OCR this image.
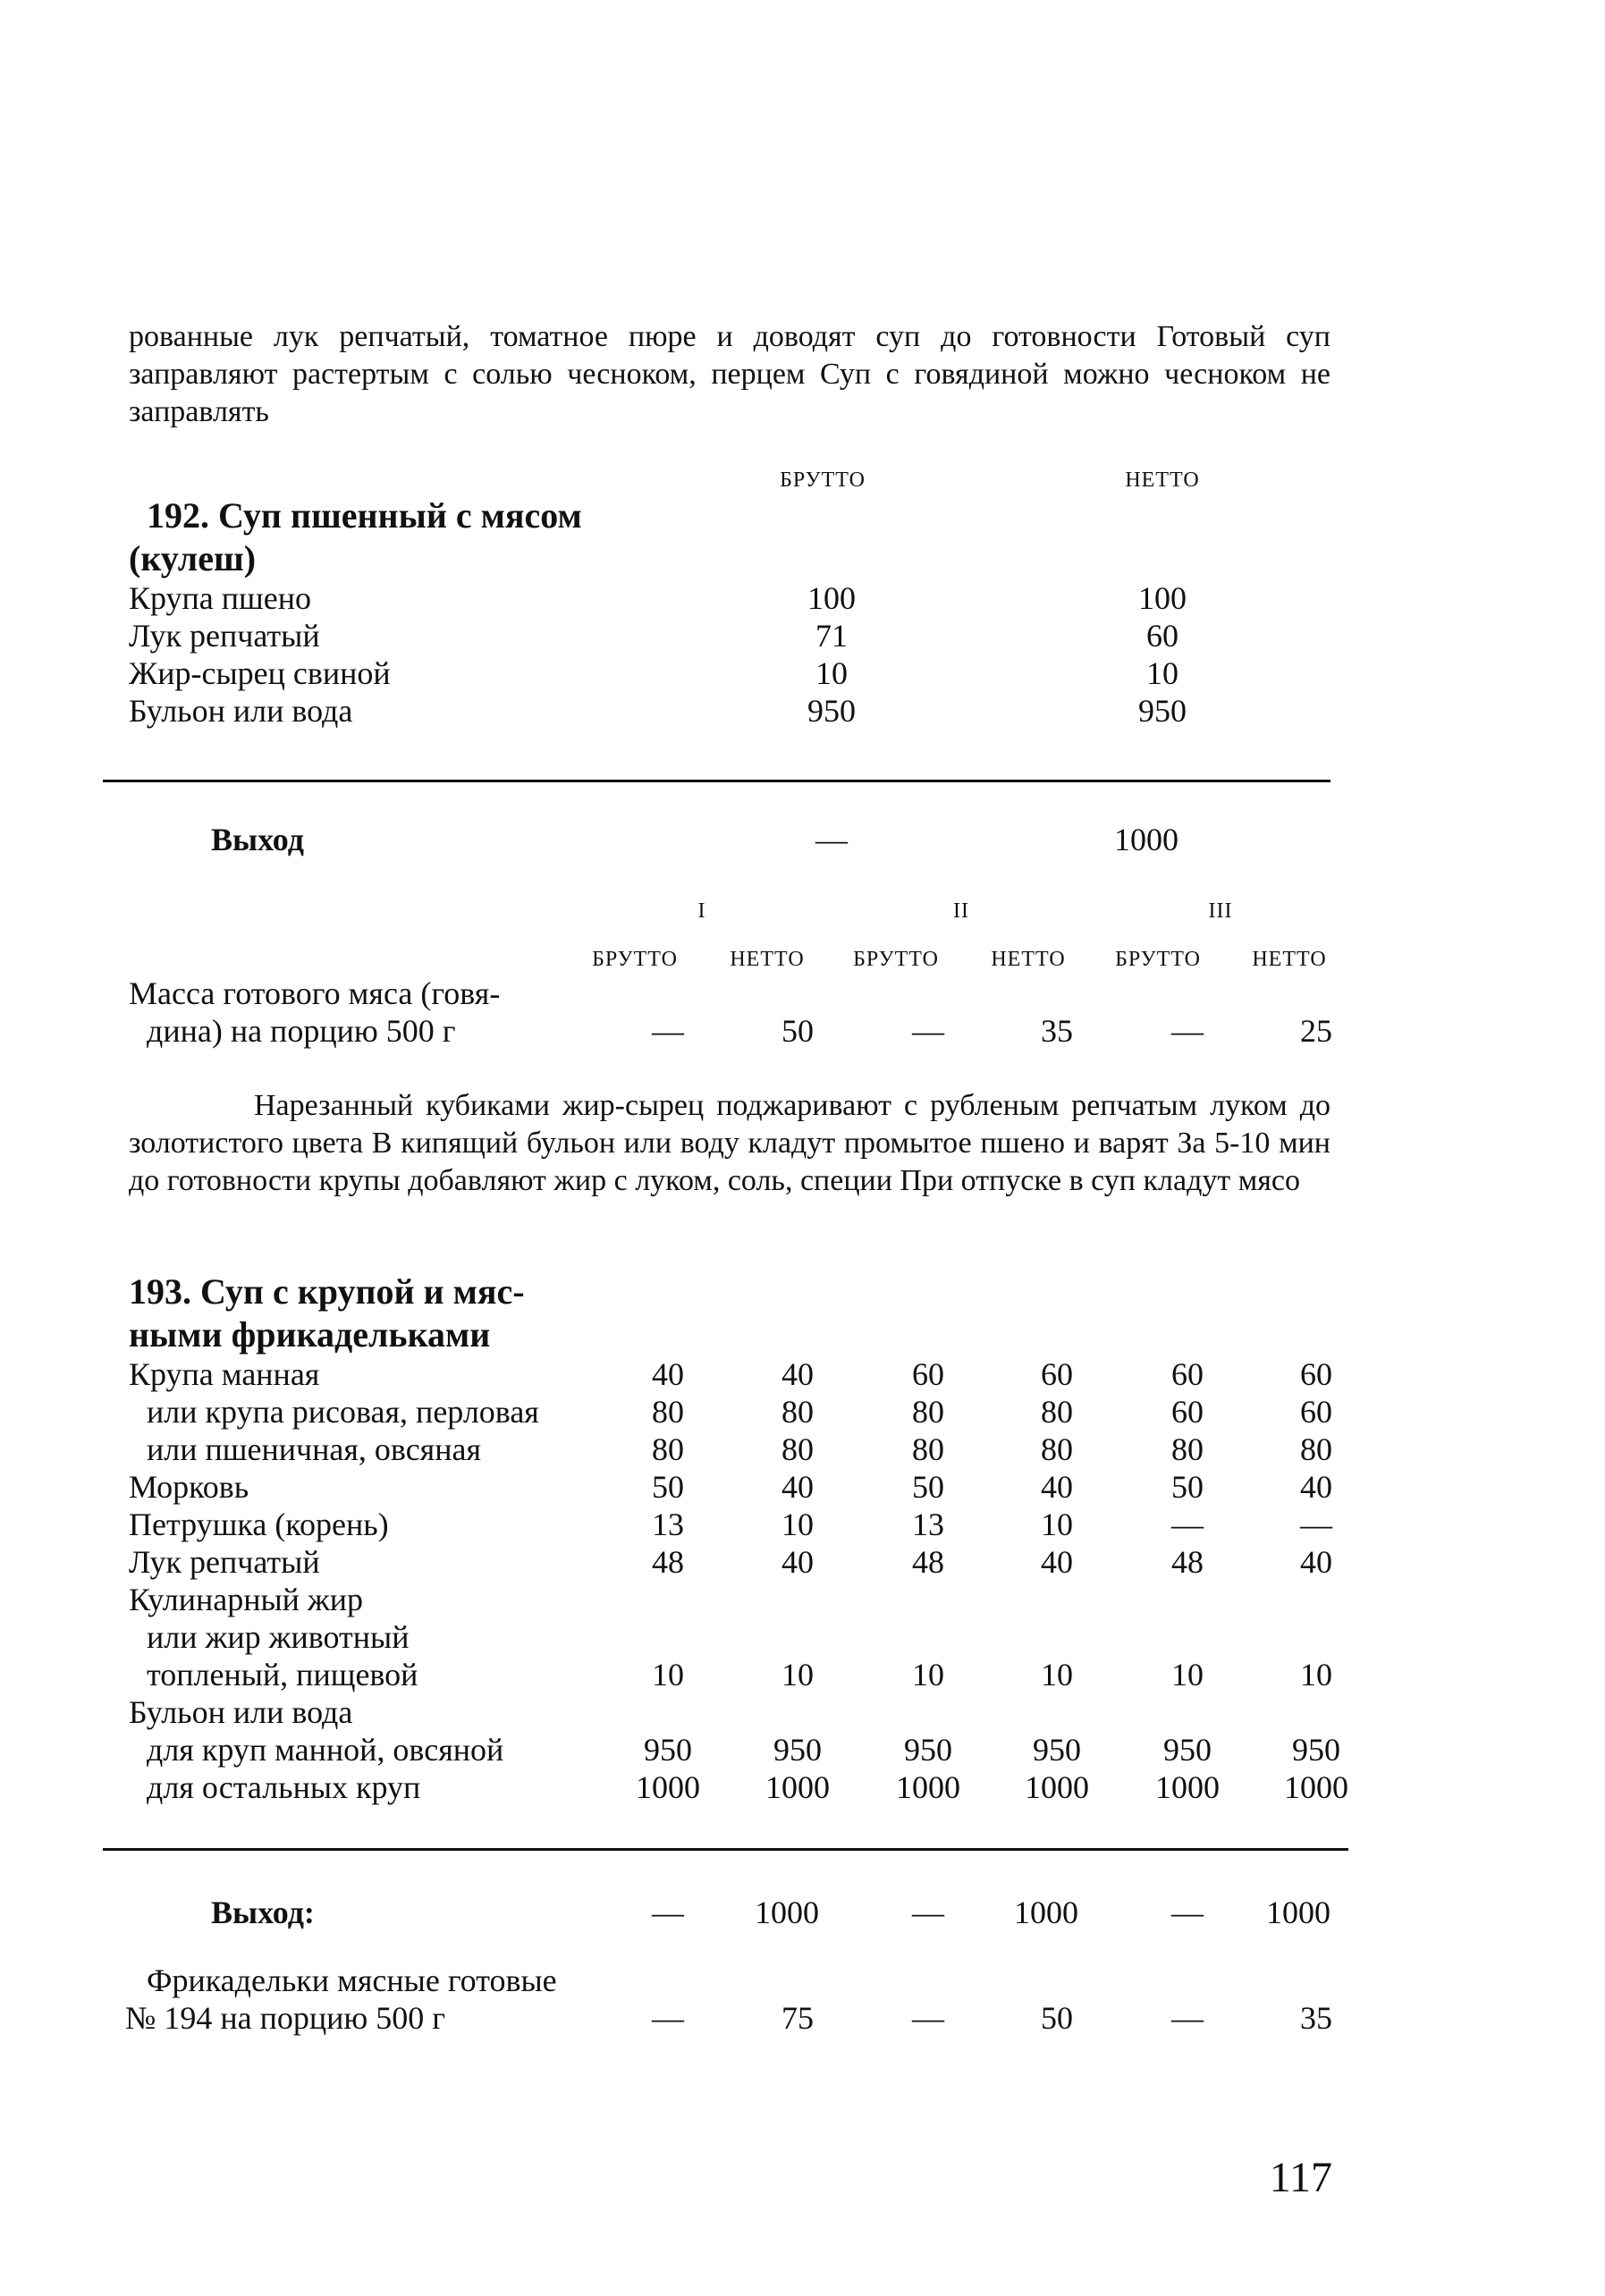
рованные лук репчатый, томатное пюре и доводят суп до готовности Готовый суп заправляют растертым с солью чесноком, перцем Суп с говядиной можно чесноком не заправлять
БРУТТО	НЕТТО
192. Суп пшенный с мясом
(кулеш)
Крупа пшено	100	100
Лук репчатый	71	60
Жир-сырец свиной	10	10
Бульон или вода	950	950
Выход	—	1000
I	II	III
БРУТТО	НЕТТО	БРУТТО	НЕТТО	БРУТТО	НЕТТО
Масса готового мяса (говя-
дина) на порцию 500 г	—	50	—	35	—	25
Нарезанный кубиками жир-сырец поджаривают с рубленым репчатым луком до золотистого цвета В кипящий бульон или воду кладут промытое пшено и варят За 5-10 мин до готовности крупы добавляют жир с луком, соль, специи При отпуске в суп кладут мясо
193. Суп с крупой и мяс-
ными фрикадельками
Крупа манная	40	40	60	60	60	60
или крупа рисовая, перловая	80	80	80	80	60	60
или пшеничная, овсяная	80	80	80	80	80	80
Морковь	50	40	50	40	50	40
Петрушка (корень)	13	10	13	10	—	—
Лук репчатый	48	40	48	40	48	40
Кулинарный жир
или жир животный
топленый, пищевой	10	10	10	10	10	10
Бульон или вода
для круп манной, овсяной	950	950	950	950	950	950
для остальных круп	1000	1000	1000	1000	1000	1000
Выход:	—	1000	—	1000	—	1000
Фрикадельки мясные готовые
№ 194 на порцию 500 г	—	75	—	50	—	35
117
